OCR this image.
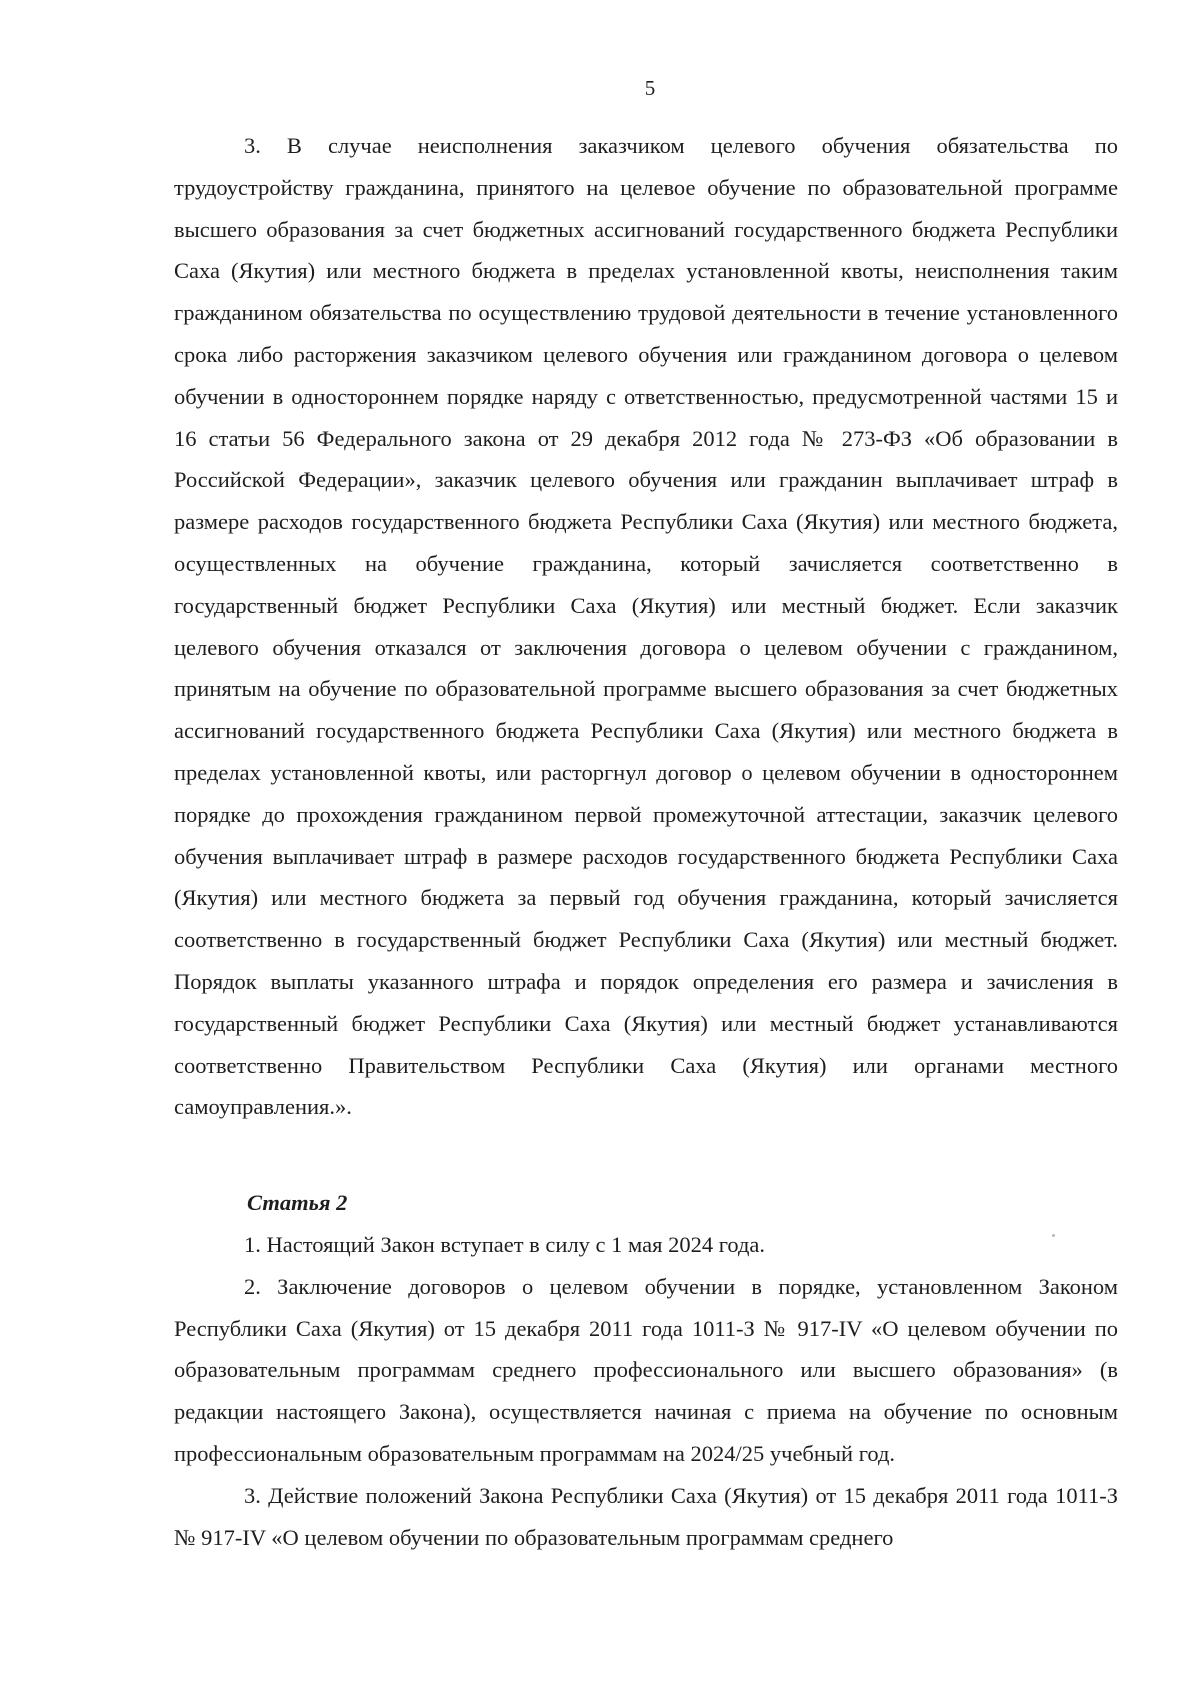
5

3. В случае неисполнения заказчиком целевого обучения обязательства по трудоустройству гражданина, принятого на целевое обучение по образовательной программе высшего образования за счет бюджетных ассигнований государственного бюджета Республики Саха (Якутия) или местного бюджета в пределах установленной квоты, неисполнения таким гражданином обязательства по осуществлению трудовой деятельности в течение установленного срока либо расторжения заказчиком целевого обучения или гражданином договора о целевом обучении в одностороннем порядке наряду с ответственностью, предусмотренной частями 15 и 16 статьи 56 Федерального закона от 29 декабря 2012 года № 273-ФЗ «Об образовании в Российской Федерации», заказчик целевого обучения или гражданин выплачивает штраф в размере расходов государственного бюджета Республики Саха (Якутия) или местного бюджета, осуществленных на обучение гражданина, который зачисляется соответственно в государственный бюджет Республики Саха (Якутия) или местный бюджет. Если заказчик целевого обучения отказался от заключения договора о целевом обучении с гражданином, принятым на обучение по образовательной программе высшего образования за счет бюджетных ассигнований государственного бюджета Республики Саха (Якутия) или местного бюджета в пределах установленной квоты, или расторгнул договор о целевом обучении в одностороннем порядке до прохождения гражданином первой промежуточной аттестации, заказчик целевого обучения выплачивает штраф в размере расходов государственного бюджета Республики Саха (Якутия) или местного бюджета за первый год обучения гражданина, который зачисляется соответственно в государственный бюджет Республики Саха (Якутия) или местный бюджет. Порядок выплаты указанного штрафа и порядок определения его размера и зачисления в государственный бюджет Республики Саха (Якутия) или местный бюджет устанавливаются соответственно Правительством Республики Саха (Якутия) или органами местного самоуправления.».

Статья 2

1. Настоящий Закон вступает в силу с 1 мая 2024 года.

2. Заключение договоров о целевом обучении в порядке, установленном Законом Республики Саха (Якутия) от 15 декабря 2011 года 1011-З № 917-IV «О целевом обучении по образовательным программам среднего профессионального или высшего образования» (в редакции настоящего Закона), осуществляется начиная с приема на обучение по основным профессиональным образовательным программам на 2024/25 учебный год.

3. Действие положений Закона Республики Саха (Якутия) от 15 декабря 2011 года 1011-З № 917-IV «О целевом обучении по образовательным программам среднего
